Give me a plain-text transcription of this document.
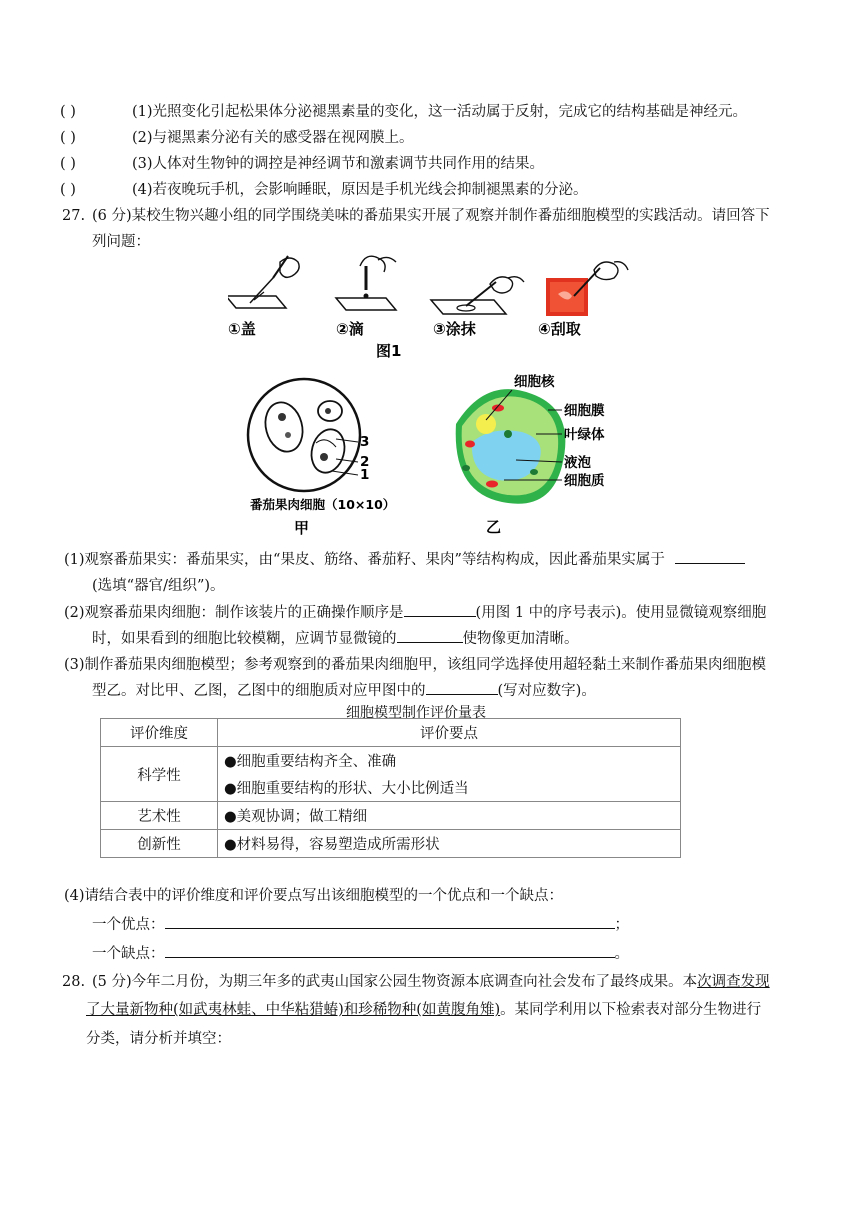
( )	(1)光照变化引起松果体分泌褪黑素量的变化，这一活动属于反射，完成它的结构基础是神经元。
( )	(2)与褪黑素分泌有关的感受器在视网膜上。
( )	(3)人体对生物钟的调控是神经调节和激素调节共同作用的结果。
( )	(4)若夜晚玩手机，会影响睡眠，原因是手机光线会抑制褪黑素的分泌。
27. (6 分)某校生物兴趣小组的同学围绕美味的番茄果实开展了观察并制作番茄细胞模型的实践活动。请回答下
列问题：
①盖	②滴	③涂抹	④刮取
图1
3
2
1
番茄果肉细胞（10×10）
甲
细胞核
细胞膜
叶绿体
液泡
细胞质
乙
(1)观察番茄果实：番茄果实，由“果皮、筋络、番茄籽、果肉”等结构构成，因此番茄果实属于
(选填“器官/组织”)。
(2)观察番茄果肉细胞：制作该装片的正确操作顺序是	(用图 1 中的序号表示)。使用显微镜观察细胞
时，如果看到的细胞比较模糊，应调节显微镜的	使物像更加清晰。
(3)制作番茄果肉细胞模型；参考观察到的番茄果肉细胞甲，该组同学选择使用超轻黏土来制作番茄果肉细胞模
型乙。对比甲、乙图，乙图中的细胞质对应甲图中的	(写对应数字)。
细胞模型制作评价量表
评价维度	评价要点
科学性	●细胞重要结构齐全、准确
	●细胞重要结构的形状、大小比例适当
艺术性	●美观协调；做工精细
创新性	●材料易得，容易塑造成所需形状
(4)请结合表中的评价维度和评价要点写出该细胞模型的一个优点和一个缺点：
一个优点：	；
一个缺点：	。
28. (5 分)今年二月份，为期三年多的武夷山国家公园生物资源本底调查向社会发布了最终成果。本次调查发现
了大量新物种(如武夷林蛙、中华粘猎蝽)和珍稀物种(如黄腹角雉)。某同学利用以下检索表对部分生物进行
分类，请分析并填空：
